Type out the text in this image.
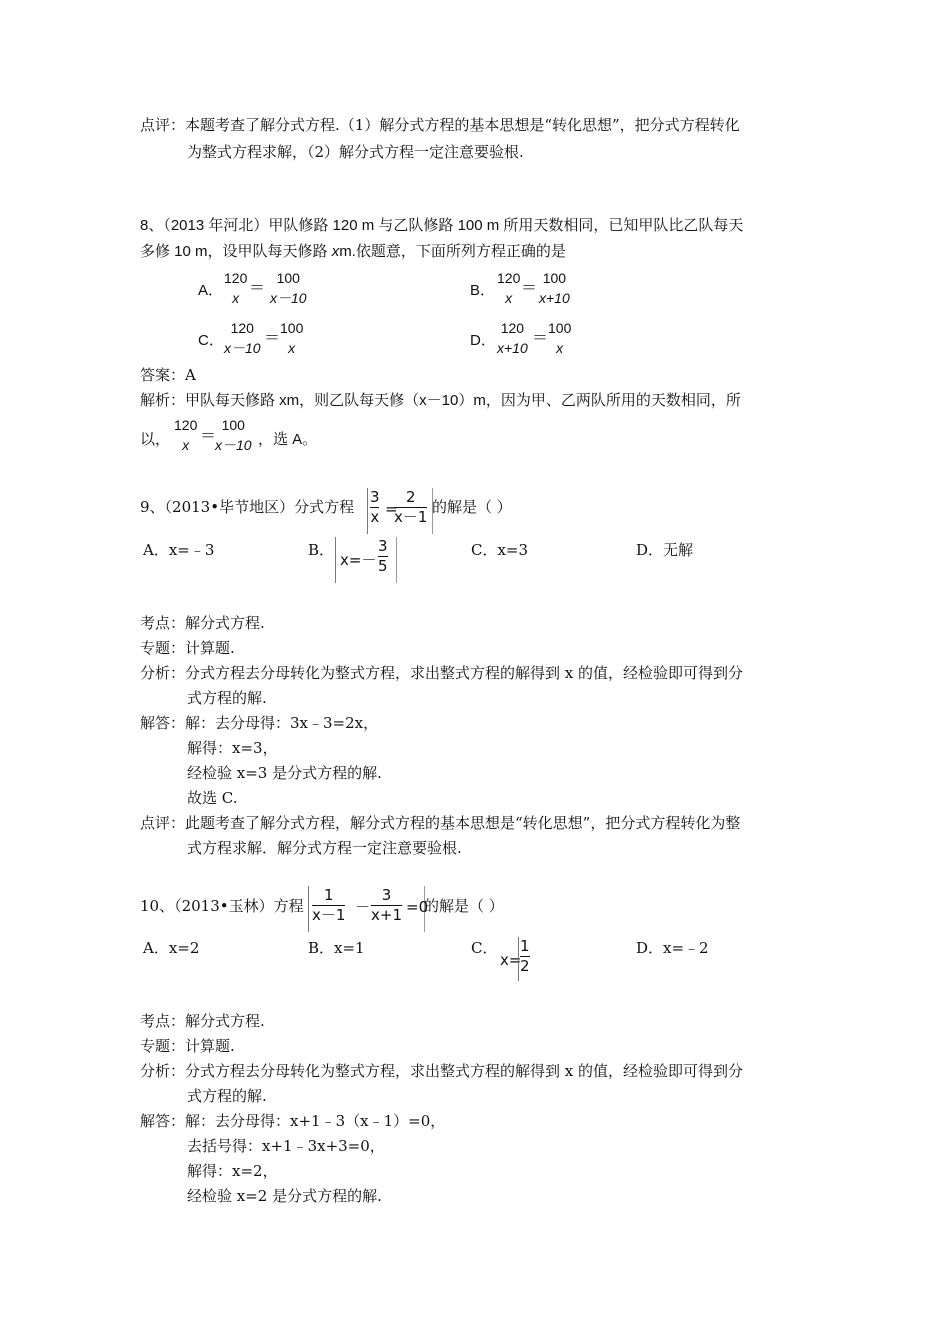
点评：本题考查了解分式方程.（1）解分式方程的基本思想是“转化思想”，把分式方程转化
为整式方程求解，（2）解分式方程一定注意要验根.
8、（2013 年河北）甲队修路 120 m 与乙队修路 100 m 所用天数相同，已知甲队比乙队每天
多修 10 m，设甲队每天修路 xm.依题意，下面所列方程正确的是
A．
120
x
＝ 100
x－10	B．
120
x
＝ 100
x+10
C．
120
x－10
＝ 100
x	D．
120
x+10
＝ 100
x
答案：A
解析：甲队每天修路 xm，则乙队每天修（x－10）m，因为甲、乙两队所用的天数相同，所
以，
120
x ＝
100
x－10 ，选 A。
9、（2013•毕节地区）分式方程 $\frac{3}{x}$ =
$\frac{2}{x-1}$ 的解是（ ）
A．x=﹣3	B．
$x=- \frac{3}{5}$	C．x=3	D．无解
考点：解分式方程.
专题：计算题.
分析：分式方程去分母转化为整式方程，求出整式方程的解得到 x 的值，经检验即可得到分
式方程的解.
解答：解：去分母得：3x﹣3=2x，
解得：x=3，
经检验 x=3 是分式方程的解.
故选 C.
点评：此题考查了解分式方程，解分式方程的基本思想是“转化思想”，把分式方程转化为整
式方程求解．解分式方程一定注意要验根.
10、（2013•玉林）方程 $\frac{1}{x-1} - \frac{3}{x+1} =0$
的解是（ ）
A．x=2	B．x=1	C．
x=
$\frac{1}{2}$	D．x=﹣2
考点：解分式方程.
专题：计算题.
分析：分式方程去分母转化为整式方程，求出整式方程的解得到 x 的值，经检验即可得到分
式方程的解.
解答：解：去分母得：x+1﹣3（x﹣1）=0，
去括号得：x+1﹣3x+3=0，
解得：x=2，
经检验 x=2 是分式方程的解.
